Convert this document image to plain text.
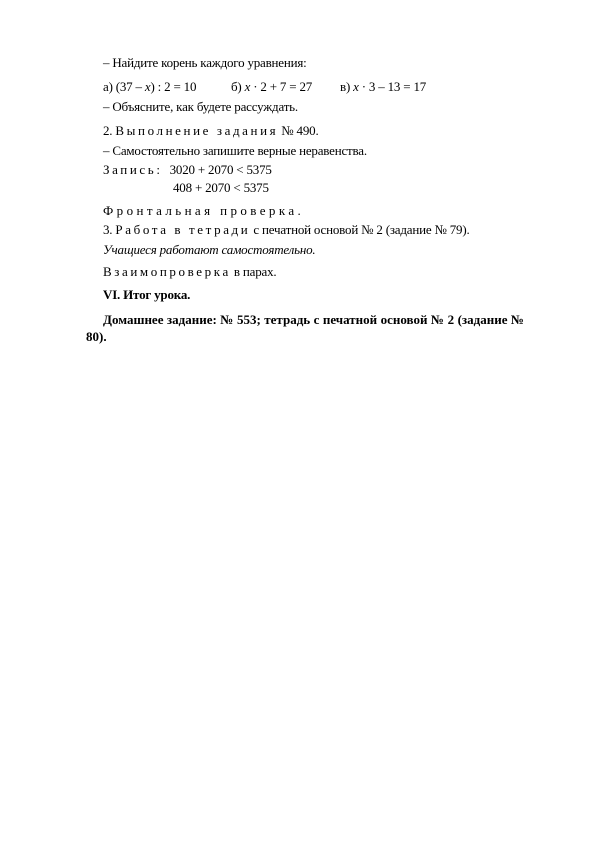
– Найдите корень каждого уравнения:
а) (37 – x) : 2 = 10	б) x · 2 + 7 = 27 в) x · 3 – 13 = 17
– Объясните, как будете рассуждать.
2. Выполнение задания № 490.
– Самостоятельно запишите верные неравенства.
Запись: 3020 + 2070 < 5375
408 + 2070 < 5375
Фронтальная проверка.
3. Работа в тетради с печатной основой № 2 (задание № 79).
Учащиеся работают самостоятельно.
Взаимопроверка в парах.
VI. Итог урока.
Домашнее задание: № 553; тетрадь с печатной основой № 2 (задание №
80).
